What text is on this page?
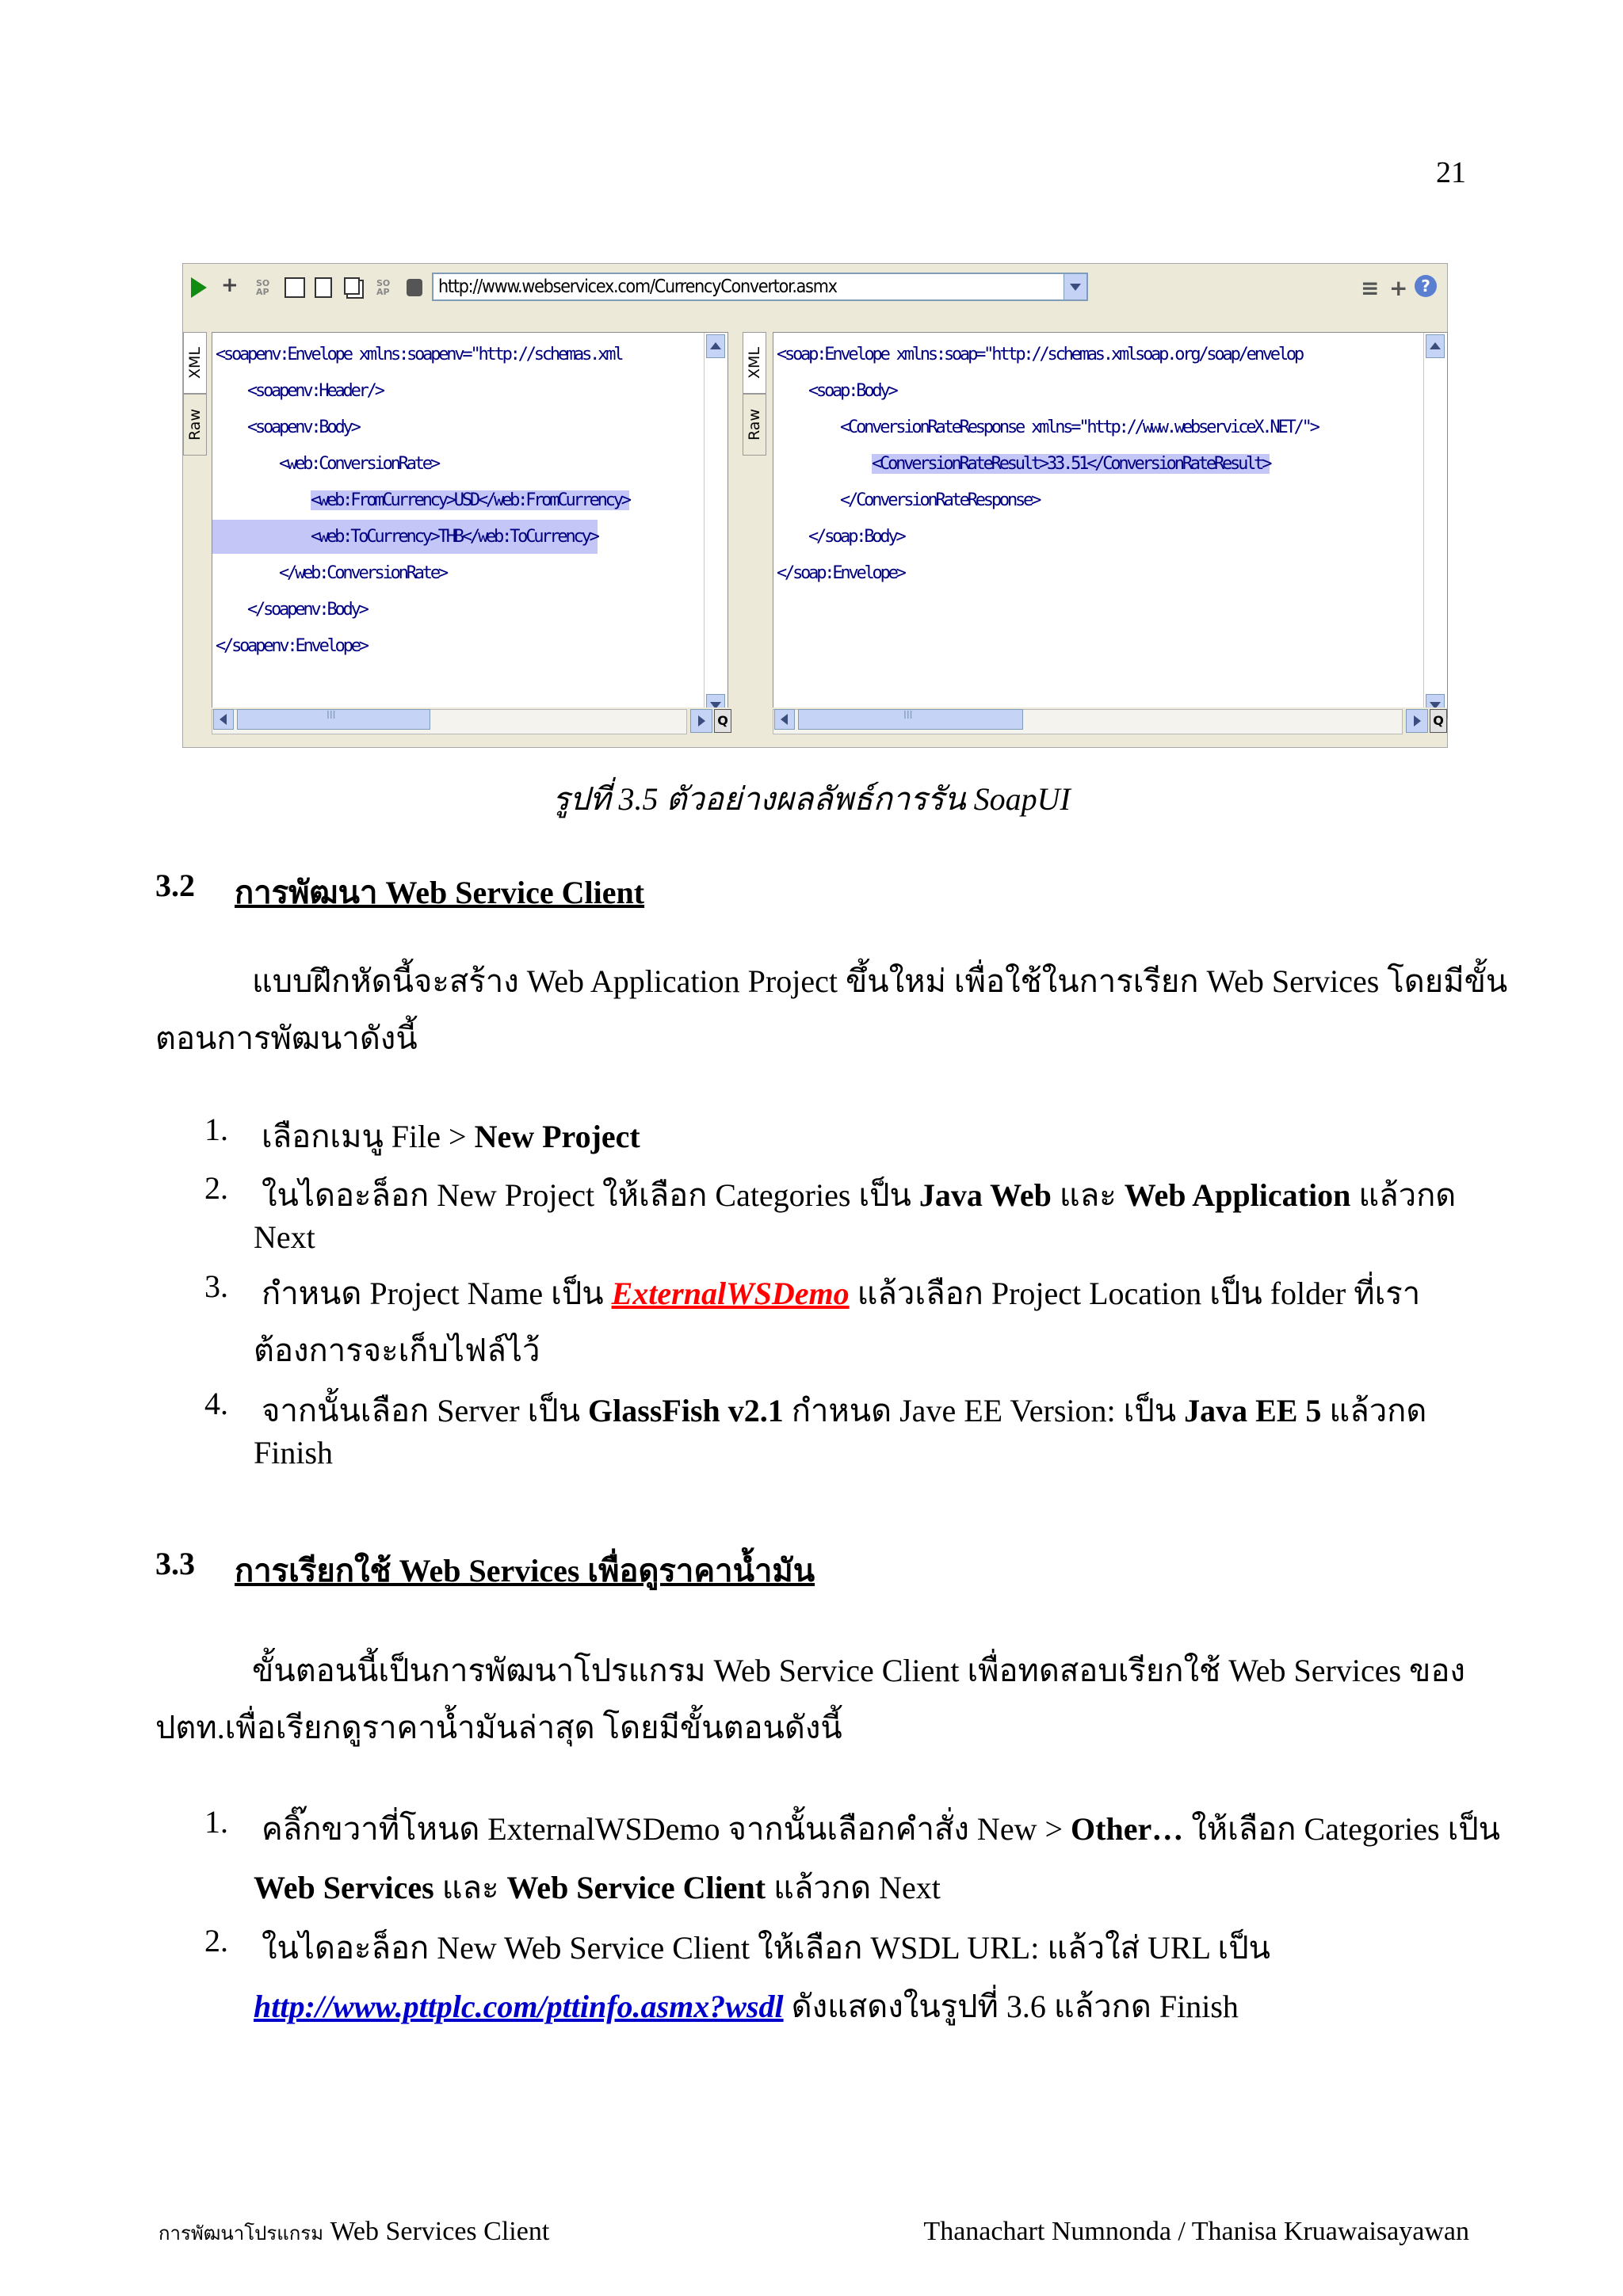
21
+	SO
AP
SO
AP	http://www.webservicex.com/CurrencyConvertor.asmx	≡ + ?
XML
Raw
<soapenv:Envelope xmlns:soapenv="http://schemas.xml
<soapenv:Header/>
<soapenv:Body>
<web:ConversionRate>
<web:FromCurrency>USD</web:FromCurrency>
<web:ToCurrency>THB</web:ToCurrency>
</web:ConversionRate>
</soapenv:Body>
</soapenv:Envelope>
III	Q
XML
Raw
<soap:Envelope xmlns:soap="http://schemas.xmlsoap.org/soap/envelop
<soap:Body>
<ConversionRateResponse xmlns="http://www.webserviceX.NET/">
<ConversionRateResult>33.51</ConversionRateResult>
</ConversionRateResponse>
</soap:Body>
</soap:Envelope>
III	Q
รูปที่ 3.5 ตัวอย่างผลลัพธ์การรัน SoapUI
3.2 การพัฒนา Web Service Client
แบบฝึกหัดนี้จะสร้าง Web Application Project ขึ้นใหม่ เพื่อใช้ในการเรียก Web Services โดยมีขั้น
ตอนการพัฒนาดังนี้
1. เลือกเมนู File > New Project
2. ในไดอะล็อก New Project ให้เลือก Categories เป็น Java Web และ Web Application แล้วกด
Next
3. กำหนด Project Name เป็น ExternalWSDemo แล้วเลือก Project Location เป็น folder ที่เรา
ต้องการจะเก็บไฟล์ไว้
4. จากนั้นเลือก Server เป็น GlassFish v2.1 กำหนด Jave EE Version: เป็น Java EE 5 แล้วกด
Finish
3.3 การเรียกใช้ Web Services เพื่อดูราคาน้ำมัน
ขั้นตอนนี้เป็นการพัฒนาโปรแกรม Web Service Client เพื่อทดสอบเรียกใช้ Web Services ของ
ปตท.เพื่อเรียกดูราคาน้ำมันล่าสุด โดยมีขั้นตอนดังนี้
1. คลิ๊กขวาที่โหนด ExternalWSDemo จากนั้นเลือกคำสั่ง New > Other… ให้เลือก Categories เป็น
Web Services และ Web Service Client แล้วกด Next
2. ในไดอะล็อก New Web Service Client ให้เลือก WSDL URL: แล้วใส่ URL เป็น
http://www.pttplc.com/pttinfo.asmx?wsdl ดังแสดงในรูปที่ 3.6 แล้วกด Finish
การพัฒนาโปรแกรม Web Services Client	Thanachart Numnonda / Thanisa Kruawaisayawan
